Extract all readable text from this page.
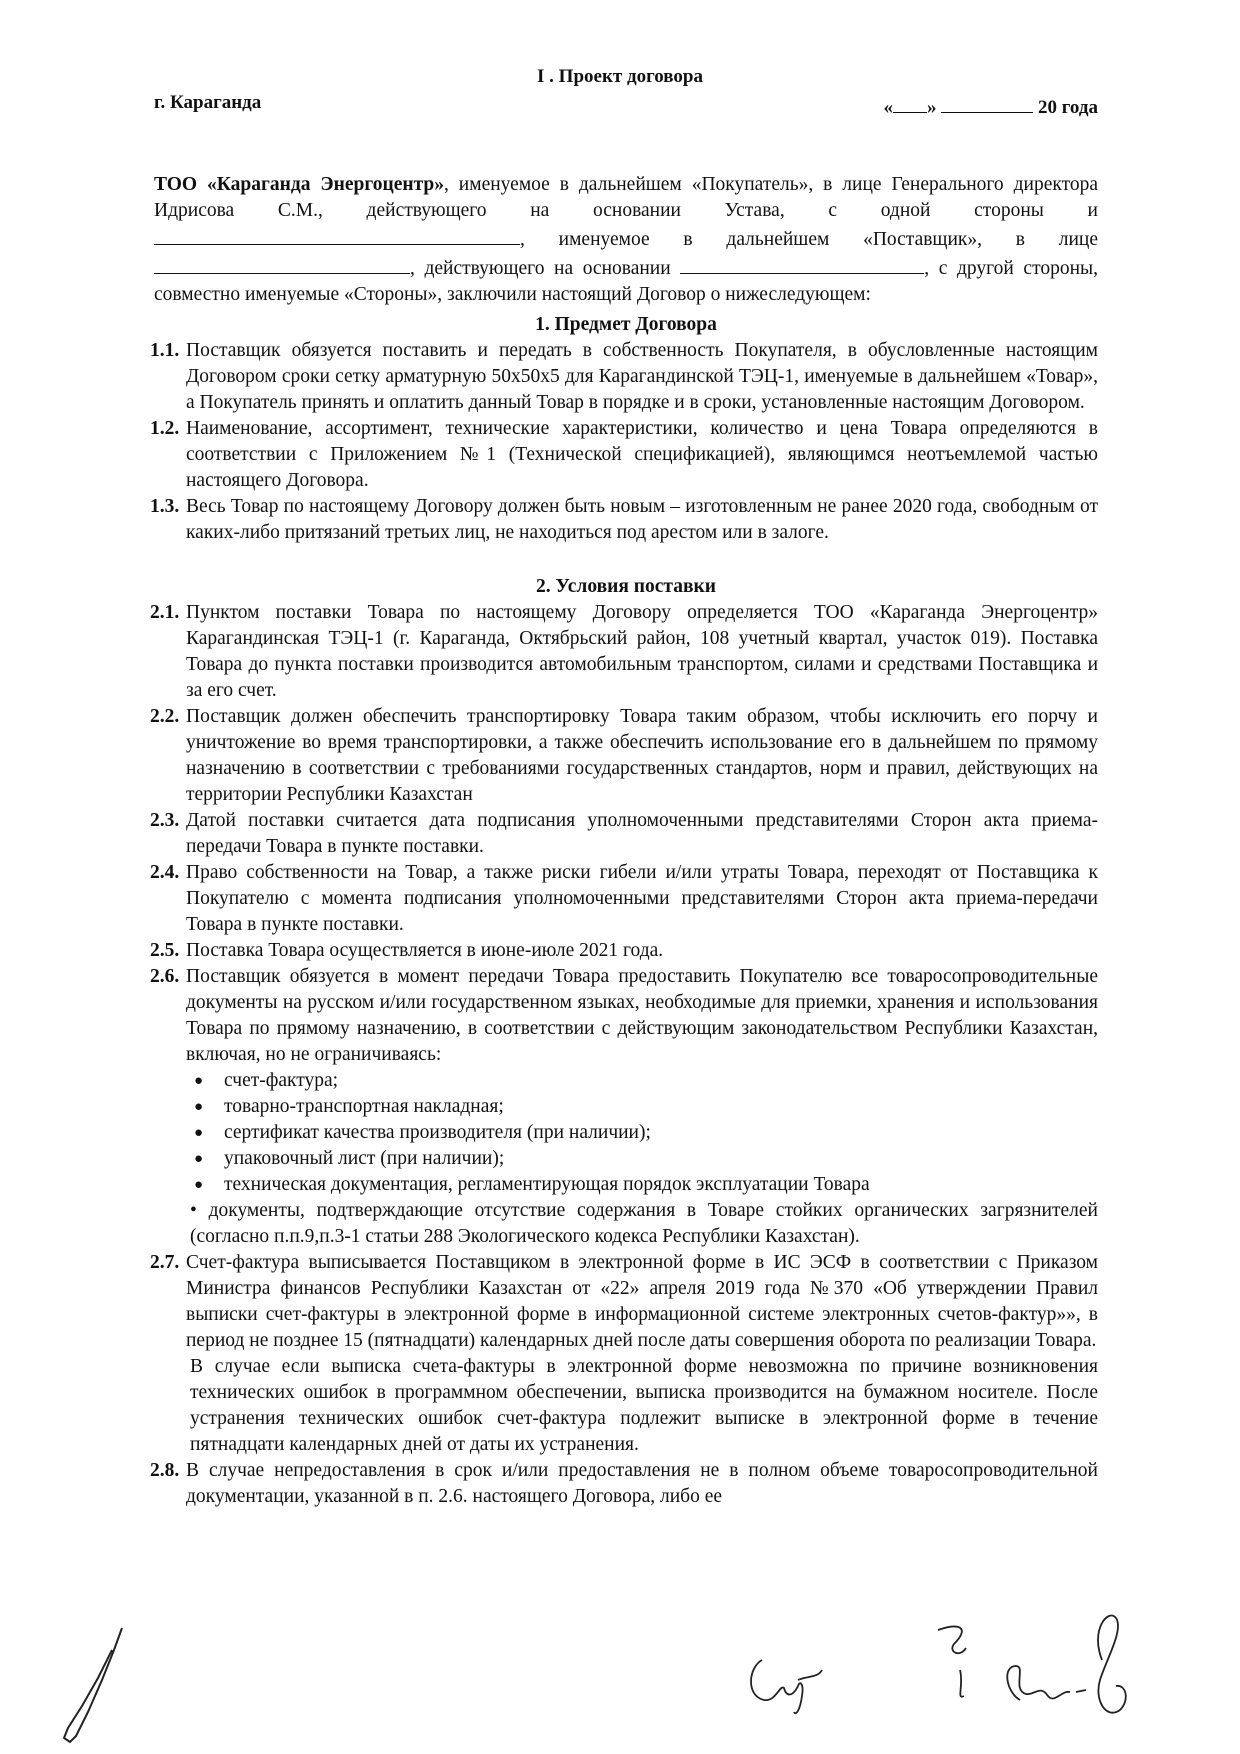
I . Проект договора
г. Караганда	« »	20 года
ТОО «Караганда Энергоцентр», именуемое в дальнейшем «Покупатель», в лице Генерального директора Идрисова С.М., действующего на основании Устава, с одной стороны и , именуемое в дальнейшем «Поставщик», в лице , действующего на основании	, с другой стороны, совместно именуемые «Стороны», заключили настоящий Договор о нижеследующем:
1. Предмет Договора
1.1. Поставщик обязуется поставить и передать в собственность Покупателя, в обусловленные настоящим Договором сроки сетку арматурную 50x50x5 для Карагандинской ТЭЦ-1, именуемые в дальнейшем «Товар», а Покупатель принять и оплатить данный Товар в порядке и в сроки, установленные настоящим Договором.
1.2. Наименование, ассортимент, технические характеристики, количество и цена Товара определяются в соответствии с Приложением №1 (Технической спецификацией), являющимся неотъемлемой частью настоящего Договора.
1.3. Весь Товар по настоящему Договору должен быть новым – изготовленным не ранее 2020 года, свободным от каких-либо притязаний третьих лиц, не находиться под арестом или в залоге.
2. Условия поставки
2.1. Пунктом поставки Товара по настоящему Договору определяется ТОО «Караганда Энергоцентр» Карагандинская ТЭЦ-1 (г. Караганда, Октябрьский район, 108 учетный квартал, участок 019). Поставка Товара до пункта поставки производится автомобильным транспортом, силами и средствами Поставщика и за его счет.
2.2. Поставщик должен обеспечить транспортировку Товара таким образом, чтобы исключить его порчу и уничтожение во время транспортировки, а также обеспечить использование его в дальнейшем по прямому назначению в соответствии с требованиями государственных стандартов, норм и правил, действующих на территории Республики Казахстан
2.3. Датой поставки считается дата подписания уполномоченными представителями Сторон акта приема-передачи Товара в пункте поставки.
2.4. Право собственности на Товар, а также риски гибели и/или утраты Товара, переходят от Поставщика к Покупателю с момента подписания уполномоченными представителями Сторон акта приема-передачи Товара в пункте поставки.
2.5. Поставка Товара осуществляется в июне-июле 2021 года.
2.6. Поставщик обязуется в момент передачи Товара предоставить Покупателю все товаросопроводительные документы на русском и/или государственном языках, необходимые для приемки, хранения и использования Товара по прямому назначению, в соответствии с действующим законодательством Республики Казахстан, включая, но не ограничиваясь:
●	счет-фактура;
●	товарно-транспортная накладная;
●	сертификат качества производителя (при наличии);
●	упаковочный лист (при наличии);
●	техническая документация, регламентирующая порядок эксплуатации Товара
• документы, подтверждающие отсутствие содержания в Товаре стойких органических загрязнителей (согласно п.п.9,п.3-1 статьи 288 Экологического кодекса Республики Казахстан).
2.7. Счет-фактура выписывается Поставщиком в электронной форме в ИС ЭСФ в соответствии с Приказом Министра финансов Республики Казахстан от «22» апреля 2019 года №370 «Об утверждении Правил выписки счет-фактуры в электронной форме в информационной системе электронных счетов-фактур»», в период не позднее 15 (пятнадцати) календарных дней после даты совершения оборота по реализации Товара.
В случае если выписка счета-фактуры в электронной форме невозможна по причине возникновения технических ошибок в программном обеспечении, выписка производится на бумажном носителе. После устранения технических ошибок счет-фактура подлежит выписке в электронной форме в течение пятнадцати календарных дней от даты их устранения.
2.8. В случае непредоставления в срок и/или предоставления не в полном объеме товаросопроводительной документации, указанной в п. 2.6. настоящего Договора, либо ее
